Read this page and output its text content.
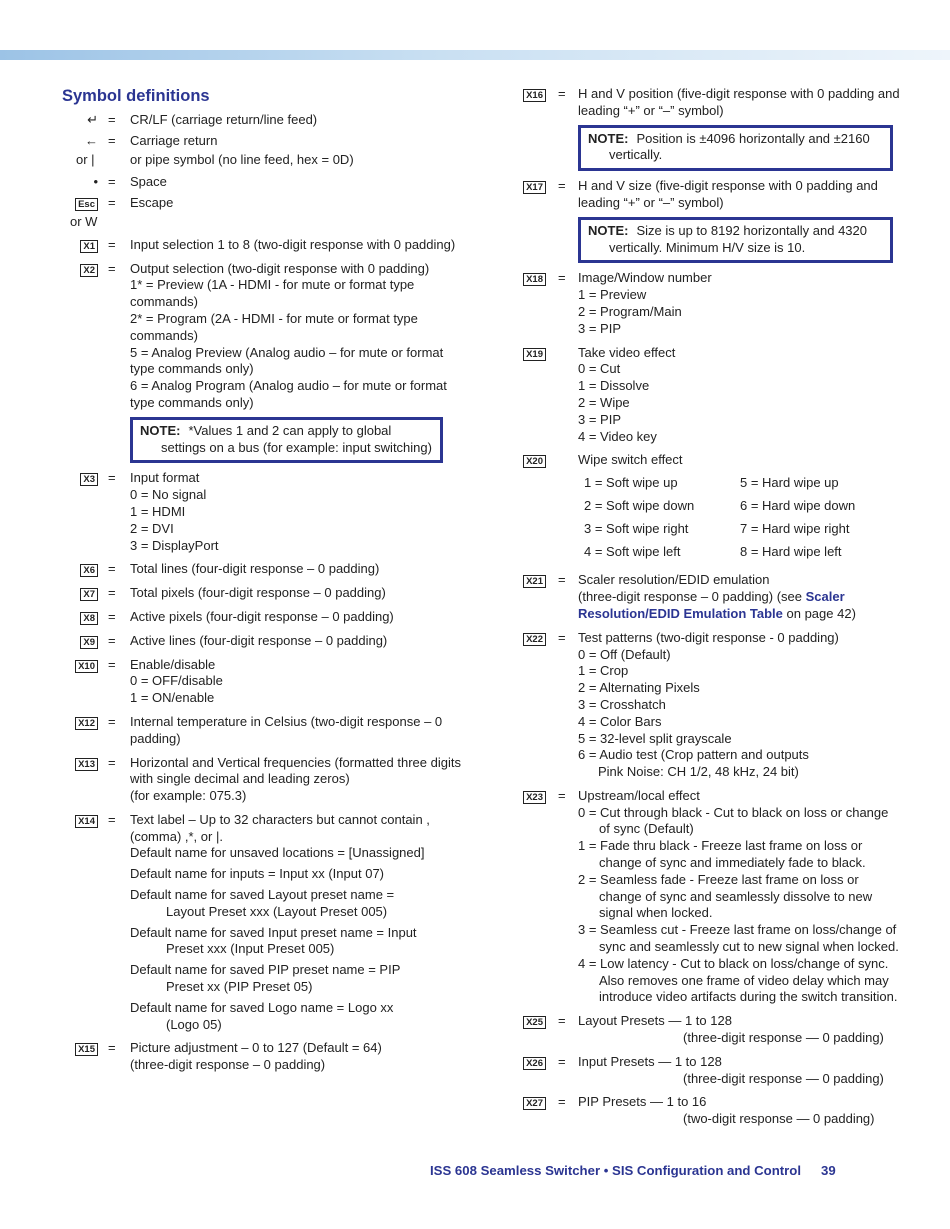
Symbol definitions
↵ = CR/LF (carriage return/line feed)
← = Carriage return
or |	or pipe symbol (no line feed, hex = 0D)
• = Space
Esc = Escape
or W
X1 = Input selection 1 to 8 (two-digit response with 0 padding)
X2 = Output selection (two-digit response with 0 padding)
1* = Preview (1A - HDMI - for mute or format type commands)
2* = Program (2A - HDMI - for mute or format type commands)
5 = Analog Preview (Analog audio – for mute or format type commands only)
6 = Analog Program (Analog audio – for mute or format type commands only)
NOTE: *Values 1 and 2 can apply to global settings on a bus (for example: input switching)
X3 = Input format
0 = No signal
1 = HDMI
2 = DVI
3 = DisplayPort
X6 = Total lines (four-digit response – 0 padding)
X7 = Total pixels (four-digit response – 0 padding)
X8 = Active pixels (four-digit response – 0 padding)
X9 = Active lines (four-digit response – 0 padding)
X10 = Enable/disable
0 = OFF/disable
1 = ON/enable
X12 = Internal temperature in Celsius (two-digit response – 0 padding)
X13 = Horizontal and Vertical frequencies (formatted three digits with single decimal and leading zeros)
(for example: 075.3)
X14 = Text label – Up to 32 characters but cannot contain , (comma) ,*, or |.
Default name for unsaved locations = [Unassigned]
Default name for inputs = Input xx (Input 07)
Default name for saved Layout preset name =
Layout Preset xxx (Layout Preset 005)
Default name for saved Input preset name = Input
Preset xxx (Input Preset 005)
Default name for saved PIP preset name = PIP
Preset xx (PIP Preset 05)
Default name for saved Logo name = Logo xx
(Logo 05)
X15 = Picture adjustment – 0 to 127 (Default = 64)
(three-digit response – 0 padding)
X16 = H and V position (five-digit response with 0 padding and leading “+” or “–” symbol)
NOTE: Position is ±4096 horizontally and ±2160 vertically.
X17 = H and V size (five-digit response with 0 padding and leading “+” or “–” symbol)
NOTE: Size is up to 8192 horizontally and 4320 vertically. Minimum H/V size is 10.
X18 = Image/Window number
1 = Preview
2 = Program/Main
3 = PIP
X19	Take video effect
0 = Cut
1 = Dissolve
2 = Wipe
3 = PIP
4 = Video key
X20	Wipe switch effect
1 = Soft wipe up	5 = Hard wipe up
2 = Soft wipe down	6 = Hard wipe down
3 = Soft wipe right	7 = Hard wipe right
4 = Soft wipe left	8 = Hard wipe left
X21 = Scaler resolution/EDID emulation
(three-digit response – 0 padding) (see Scaler Resolution/EDID Emulation Table on page 42)
X22 = Test patterns (two-digit response - 0 padding)
0 = Off (Default)
1 = Crop
2 = Alternating Pixels
3 = Crosshatch
4 = Color Bars
5 = 32-level split grayscale
6 = Audio test (Crop pattern and outputs
Pink Noise: CH 1/2, 48 kHz, 24 bit)
X23 = Upstream/local effect
0 = Cut through black - Cut to black on loss or change of sync (Default)
1 = Fade thru black - Freeze last frame on loss or change of sync and immediately fade to black.
2 = Seamless fade - Freeze last frame on loss or change of sync and seamlessly dissolve to new signal when locked.
3 = Seamless cut - Freeze last frame on loss/change of sync and seamlessly cut to new signal when locked.
4 = Low latency - Cut to black on loss/change of sync. Also removes one frame of video delay which may introduce video artifacts during the switch transition.
X25 = Layout Presets — 1 to 128
(three-digit response — 0 padding)
X26 = Input Presets — 1 to 128
(three-digit response — 0 padding)
X27 = PIP Presets — 1 to 16
(two-digit response — 0 padding)
ISS 608 Seamless Switcher • SIS Configuration and Control 39
